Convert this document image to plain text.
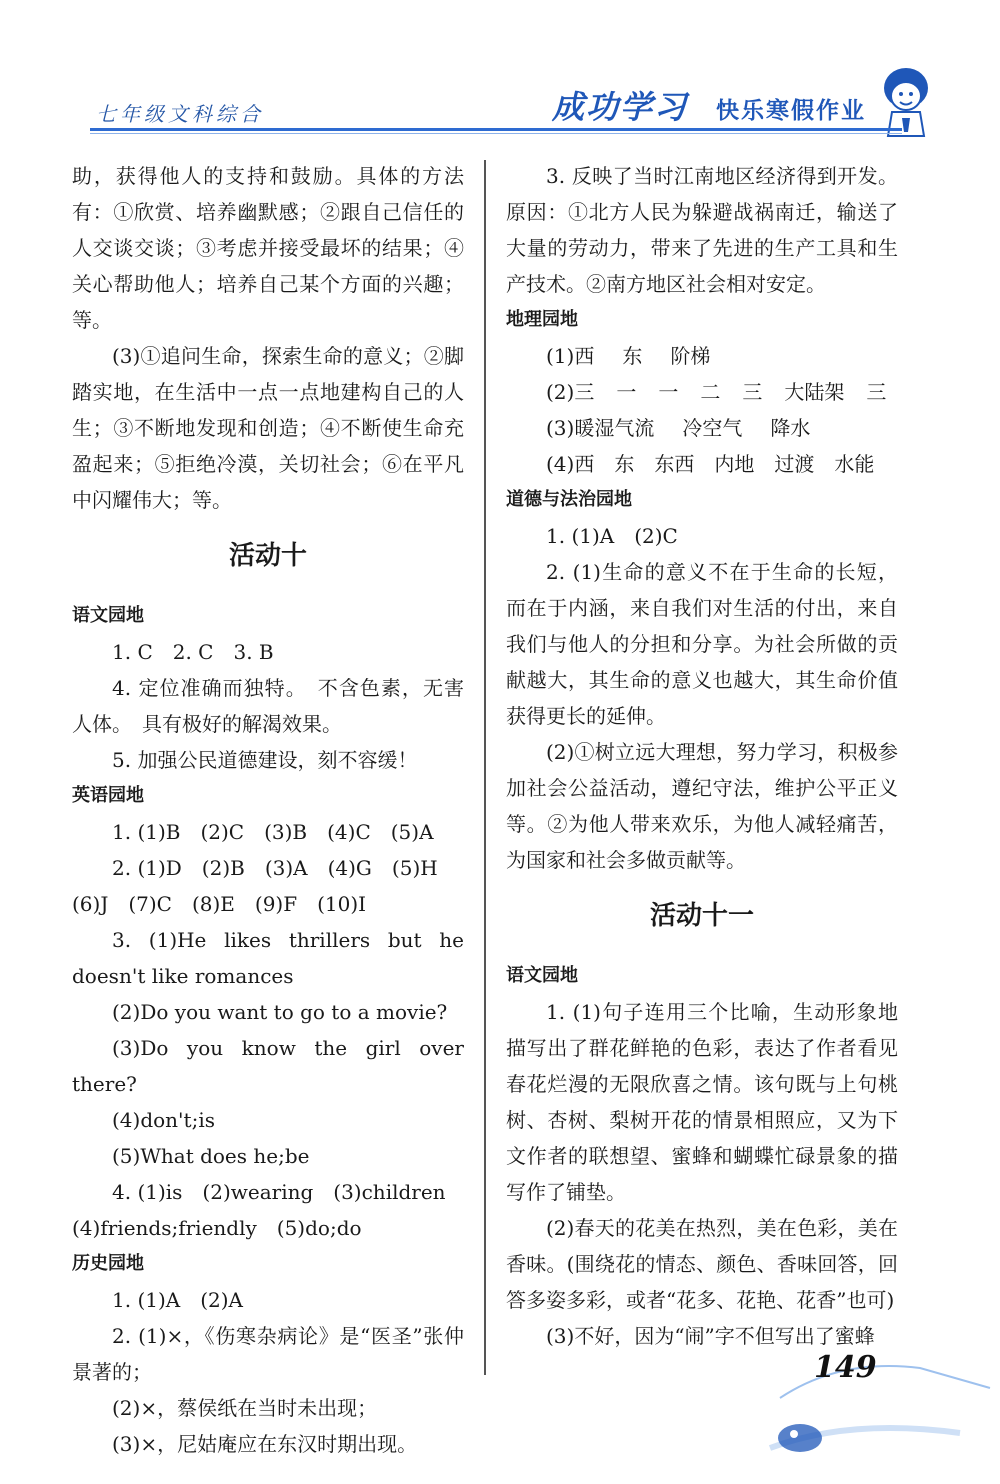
七年级文科综合	成功学习 快乐寒假作业

助，获得他人的支持和鼓励。具体的方法有：①欣赏、培养幽默感；②跟自己信任的人交谈交谈；③考虑并接受最坏的结果；④关心帮助他人；培养自己某个方面的兴趣；等。

(3)①追问生命，探索生命的意义；②脚踏实地，在生活中一点一点地建构自己的人生；③不断地发现和创造；④不断使生命充盈起来；⑤拒绝冷漠，关切社会；⑥在平凡中闪耀伟大；等。

活动十

语文园地

1. C　2. C　3. B

4. 定位准确而独特。　不含色素，无害人体。　具有极好的解渴效果。

5. 加强公民道德建设，刻不容缓！

英语园地

1. (1)B　(2)C　(3)B　(4)C　(5)A

2. (1)D　(2)B　(3)A　(4)G　(5)H

(6)J　(7)C　(8)E　(9)F　(10)I

3. (1)He likes thrillers but he doesn't like romances

(2)Do you want to go to a movie?

(3)Do you know the girl over there?

(4)don't;is

(5)What does he;be

4. (1)is　(2)wearing　(3)children

(4)friends;friendly　(5)do;do

历史园地

1. (1)A　(2)A

2. (1)×，《伤寒杂病论》是“医圣”张仲景著的；

(2)×，蔡侯纸在当时未出现；

(3)×，尼姑庵应在东汉时期出现。

3. 反映了当时江南地区经济得到开发。原因：①北方人民为躲避战祸南迁，输送了大量的劳动力，带来了先进的生产工具和生产技术。②南方地区社会相对安定。

地理园地

(1)西 东 阶梯
(2)三 一 一 二 三 大陆架 三
(3)暖湿气流 冷空气 降水
(4)西 东 东西 内地 过渡 水能

道德与法治园地

1. (1)A　(2)C

2. (1)生命的意义不在于生命的长短，而在于内涵，来自我们对生活的付出，来自我们与他人的分担和分享。为社会所做的贡献越大，其生命的意义也越大，其生命价值获得更长的延伸。

(2)①树立远大理想，努力学习，积极参加社会公益活动，遵纪守法，维护公平正义等。②为他人带来欢乐，为他人减轻痛苦，为国家和社会多做贡献等。

活动十一

语文园地

1. (1)句子连用三个比喻，生动形象地描写出了群花鲜艳的色彩，表达了作者看见春花烂漫的无限欣喜之情。该句既与上句桃树、杏树、梨树开花的情景相照应，又为下文作者的联想望、蜜蜂和蝴蝶忙碌景象的描写作了铺垫。

(2)春天的花美在热烈，美在色彩，美在香味。(围绕花的情态、颜色、香味回答，回答多姿多彩，或者“花多、花艳、花香”也可)

(3)不好，因为“闹”字不但写出了蜜蜂

149
